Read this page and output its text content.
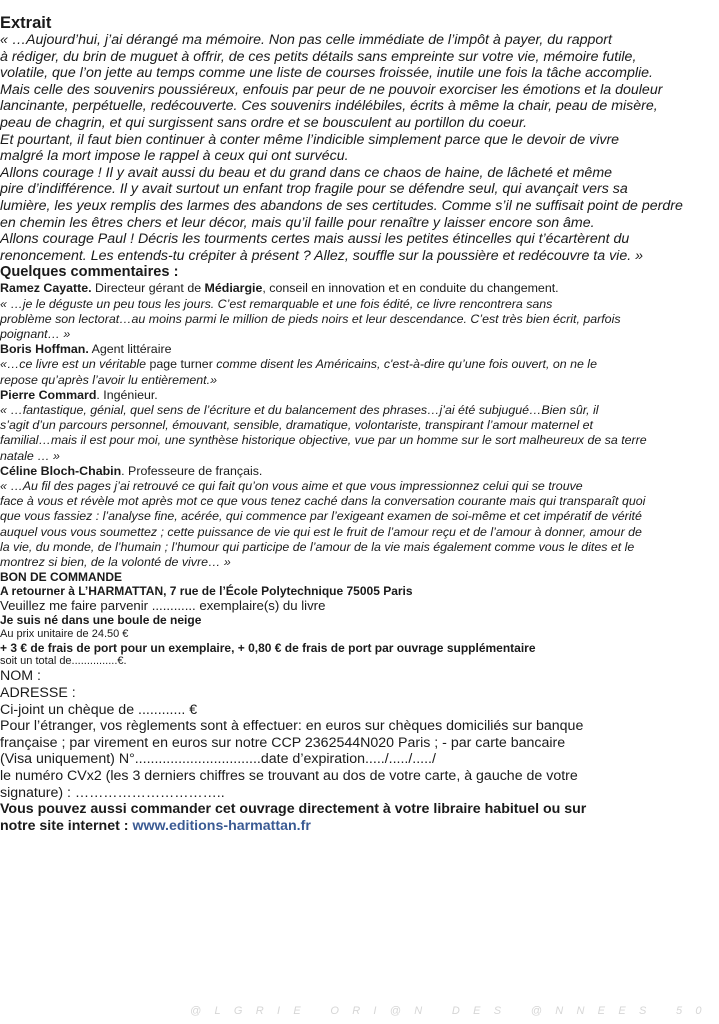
Extrait
« …Aujourd’hui, j’ai dérangé ma mémoire. Non pas celle immédiate de l’impôt à payer, du rapport
à rédiger, du brin de muguet à offrir, de ces petits détails sans empreinte sur votre vie, mémoire futile,
volatile, que l’on jette au temps comme une liste de courses froissée, inutile une fois la tâche accomplie.
Mais celle des souvenirs poussiéreux, enfouis par peur de ne pouvoir exorciser les émotions et la douleur
lancinante, perpétuelle, redécouverte. Ces souvenirs indélébiles, écrits à même la chair, peau de misère,
peau de chagrin, et qui surgissent sans ordre et se bousculent au portillon du coeur.
Et pourtant, il faut bien continuer à conter même l’indicible simplement parce que le devoir de vivre
malgré la mort impose le rappel à ceux qui ont survécu.
Allons courage ! Il y avait aussi du beau et du grand dans ce chaos de haine, de lâcheté et même
pire d’indifférence. Il y avait surtout un enfant trop fragile pour se défendre seul, qui avançait vers sa
lumière, les yeux remplis des larmes des abandons de ses certitudes. Comme s’il ne suffisait point de perdre
en chemin les êtres chers et leur décor, mais qu’il faille pour renaître y laisser encore son âme.
Allons courage Paul ! Décris les tourments certes mais aussi les petites étincelles qui t’écartèrent du
renoncement. Les entends-tu crépiter à présent ? Allez, souffle sur la poussière et redécouvre ta vie. »
Quelques commentaires :
Ramez Cayatte. Directeur gérant de Médiargie, conseil en innovation et en conduite du changement.
« …je le déguste un peu tous les jours. C’est remarquable et une fois édité, ce livre rencontrera sans
problème son lectorat…au moins parmi le million de pieds noirs et leur descendance. C’est très bien écrit, parfois
poignant… »
Boris Hoffman. Agent littéraire
«…ce livre est un véritable page turner comme disent les Américains, c'est-à-dire qu’une fois ouvert, on ne le
repose qu’après l’avoir lu entièrement.»
Pierre Commard. Ingénieur.
« …fantastique, génial, quel sens de l’écriture et du balancement des phrases…j’ai été subjugué…Bien sûr, il
s’agit d’un parcours personnel, émouvant, sensible, dramatique, volontariste, transpirant l’amour maternel et
familial…mais il est pour moi, une synthèse historique objective, vue par un homme sur le sort malheureux de sa terre
natale … »
Céline Bloch-Chabin. Professeure de français.
« …Au fil des pages j’ai retrouvé ce qui fait qu’on vous aime et que vous impressionnez celui qui se trouve
face à vous et révèle mot après mot ce que vous tenez caché dans la conversation courante mais qui transparaît quoi
que vous fassiez : l’analyse fine, acérée, qui commence par l’exigeant examen de soi-même et cet impératif de vérité
auquel vous vous soumettez ; cette puissance de vie qui est le fruit de l’amour reçu et de l’amour à donner, amour de
la vie, du monde, de l’humain ; l’humour qui participe de l’amour de la vie mais également comme vous le dites et le
montrez si bien, de la volonté de vivre… »
BON DE COMMANDE
A retourner à L’HARMATTAN, 7 rue de l’École Polytechnique 75005 Paris
Veuillez me faire parvenir ............ exemplaire(s) du livre
Je suis né dans une boule de neige
Au prix unitaire de 24.50 €
+ 3 € de frais de port pour un exemplaire, + 0,80 € de frais de port par ouvrage supplémentaire
soit un total de...............€.
NOM :
ADRESSE :
Ci-joint un chèque de ............ €
Pour l’étranger, vos règlements sont à effectuer: en euros sur chèques domiciliés sur banque
française ; par virement en euros sur notre CCP 2362544N020 Paris ; - par carte bancaire
(Visa uniquement) N°................................date d’expiration...../...../...../
le numéro CVx2 (les 3 derniers chiffres se trouvant au dos de votre carte, à gauche de votre
signature) : …………………………..
Vous pouvez aussi commander cet ouvrage directement à votre libraire habituel ou sur
notre site internet : www.editions-harmattan.fr
@LGRIE ORI@N DES @NNEES 50
